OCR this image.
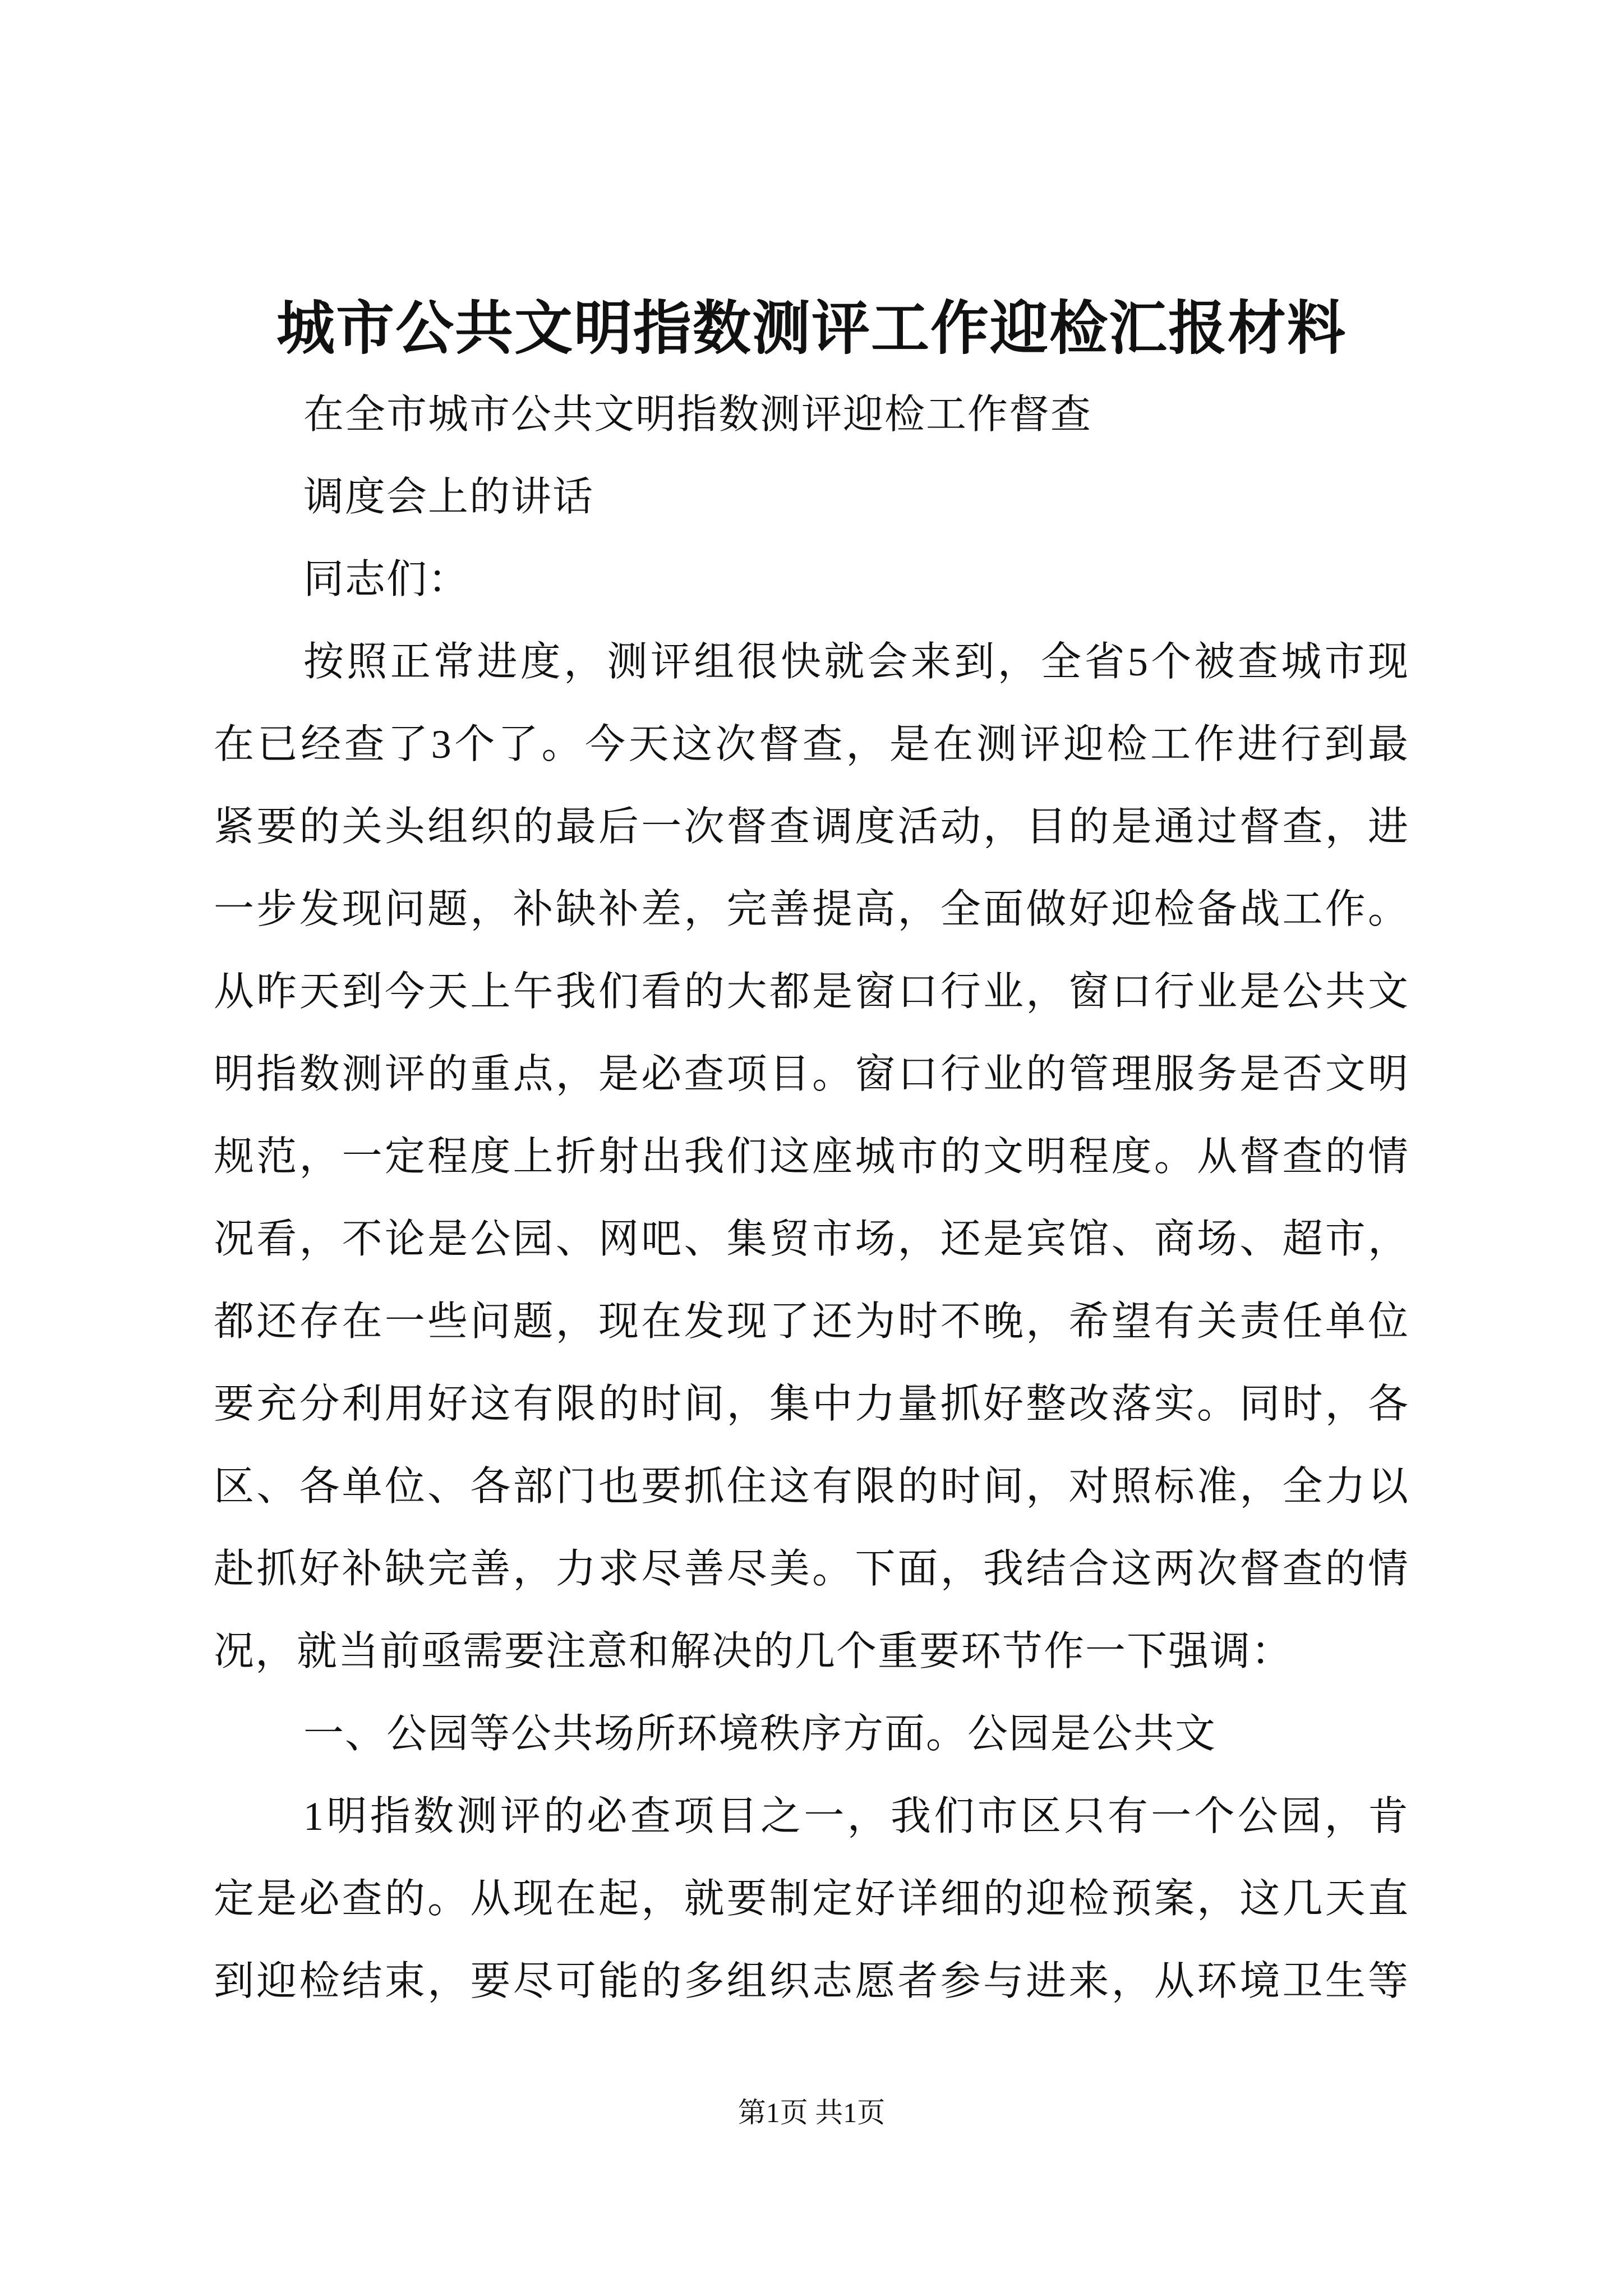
城市公共文明指数测评工作迎检汇报材料
在全市城市公共文明指数测评迎检工作督查
调度会上的讲话
同志们：
按照正常进度，测评组很快就会来到，全省5个被查城市现
在已经查了3个了。今天这次督查，是在测评迎检工作进行到最
紧要的关头组织的最后一次督查调度活动，目的是通过督查，进
一步发现问题，补缺补差，完善提高，全面做好迎检备战工作。
从昨天到今天上午我们看的大都是窗口行业，窗口行业是公共文
明指数测评的重点，是必查项目。窗口行业的管理服务是否文明
规范，一定程度上折射出我们这座城市的文明程度。从督查的情
况看，不论是公园、网吧、集贸市场，还是宾馆、商场、超市，
都还存在一些问题，现在发现了还为时不晚，希望有关责任单位
要充分利用好这有限的时间，集中力量抓好整改落实。同时，各
区、各单位、各部门也要抓住这有限的时间，对照标准，全力以
赴抓好补缺完善，力求尽善尽美。下面，我结合这两次督查的情
况，就当前亟需要注意和解决的几个重要环节作一下强调：
一、公园等公共场所环境秩序方面。公园是公共文
1明指数测评的必查项目之一，我们市区只有一个公园，肯
定是必查的。从现在起，就要制定好详细的迎检预案，这几天直
到迎检结束，要尽可能的多组织志愿者参与进来，从环境卫生等
第1页 共1页
